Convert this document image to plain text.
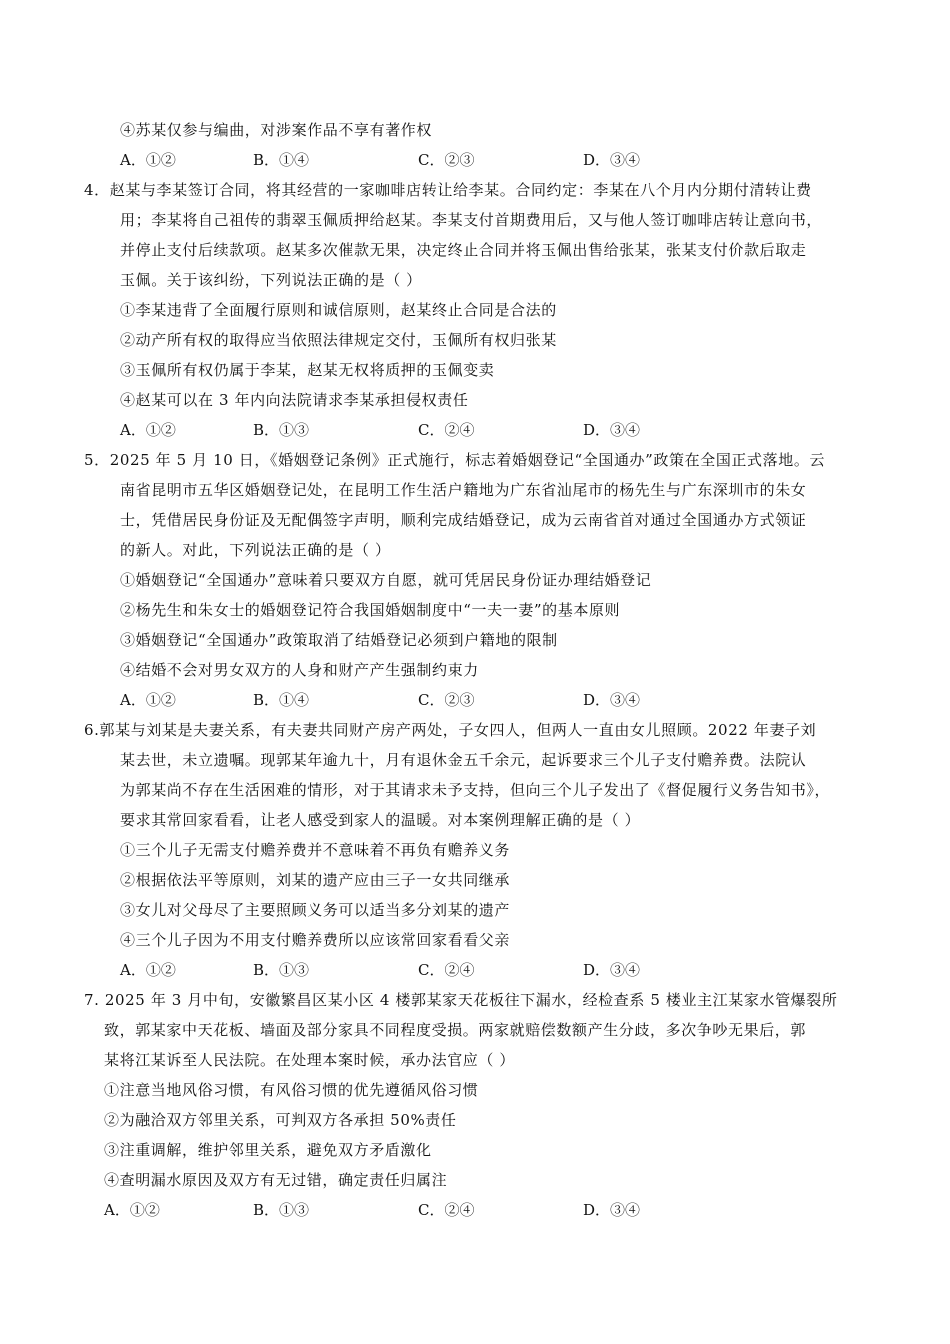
④苏某仅参与编曲，对涉案作品不享有著作权
A．①②	B．①④	C．②③	D．③④
4．赵某与李某签订合同，将其经营的一家咖啡店转让给李某。合同约定：李某在八个月内分期付清转让费
用；李某将自己祖传的翡翠玉佩质押给赵某。李某支付首期费用后，又与他人签订咖啡店转让意向书，
并停止支付后续款项。赵某多次催款无果，决定终止合同并将玉佩出售给张某，张某支付价款后取走
玉佩。关于该纠纷，下列说法正确的是（ ）
①李某违背了全面履行原则和诚信原则，赵某终止合同是合法的
②动产所有权的取得应当依照法律规定交付，玉佩所有权归张某
③玉佩所有权仍属于李某，赵某无权将质押的玉佩变卖
④赵某可以在 3 年内向法院请求李某承担侵权责任
A．①②	B．①③	C．②④	D．③④
5．2025 年 5 月 10 日，《婚姻登记条例》正式施行，标志着婚姻登记“全国通办”政策在全国正式落地。云
南省昆明市五华区婚姻登记处，在昆明工作生活户籍地为广东省汕尾市的杨先生与广东深圳市的朱女
士，凭借居民身份证及无配偶签字声明，顺利完成结婚登记，成为云南省首对通过全国通办方式领证
的新人。对此，下列说法正确的是（ ）
①婚姻登记“全国通办”意味着只要双方自愿，就可凭居民身份证办理结婚登记
②杨先生和朱女士的婚姻登记符合我国婚姻制度中“一夫一妻”的基本原则
③婚姻登记“全国通办”政策取消了结婚登记必须到户籍地的限制
④结婚不会对男女双方的人身和财产产生强制约束力
A．①②	B．①④	C．②③	D．③④
6.郭某与刘某是夫妻关系，有夫妻共同财产房产两处，子女四人，但两人一直由女儿照顾。2022 年妻子刘
某去世，未立遗嘱。现郭某年逾九十，月有退休金五千余元，起诉要求三个儿子支付赡养费。法院认
为郭某尚不存在生活困难的情形，对于其请求未予支持，但向三个儿子发出了《督促履行义务告知书》，
要求其常回家看看，让老人感受到家人的温暖。对本案例理解正确的是（ ）
①三个儿子无需支付赡养费并不意味着不再负有赡养义务
②根据依法平等原则，刘某的遗产应由三子一女共同继承
③女儿对父母尽了主要照顾义务可以适当多分刘某的遗产
④三个儿子因为不用支付赡养费所以应该常回家看看父亲
A．①②	B．①③	C．②④	D．③④
7. 2025 年 3 月中旬，安徽繁昌区某小区 4 楼郭某家天花板往下漏水，经检查系 5 楼业主江某家水管爆裂所
致，郭某家中天花板、墙面及部分家具不同程度受损。两家就赔偿数额产生分歧，多次争吵无果后，郭
某将江某诉至人民法院。在处理本案时候，承办法官应（ ）
①注意当地风俗习惯，有风俗习惯的优先遵循风俗习惯
②为融洽双方邻里关系，可判双方各承担 50%责任
③注重调解，维护邻里关系，避免双方矛盾激化
④查明漏水原因及双方有无过错，确定责任归属注
A．①②	B．①③	C．②④	D．③④
